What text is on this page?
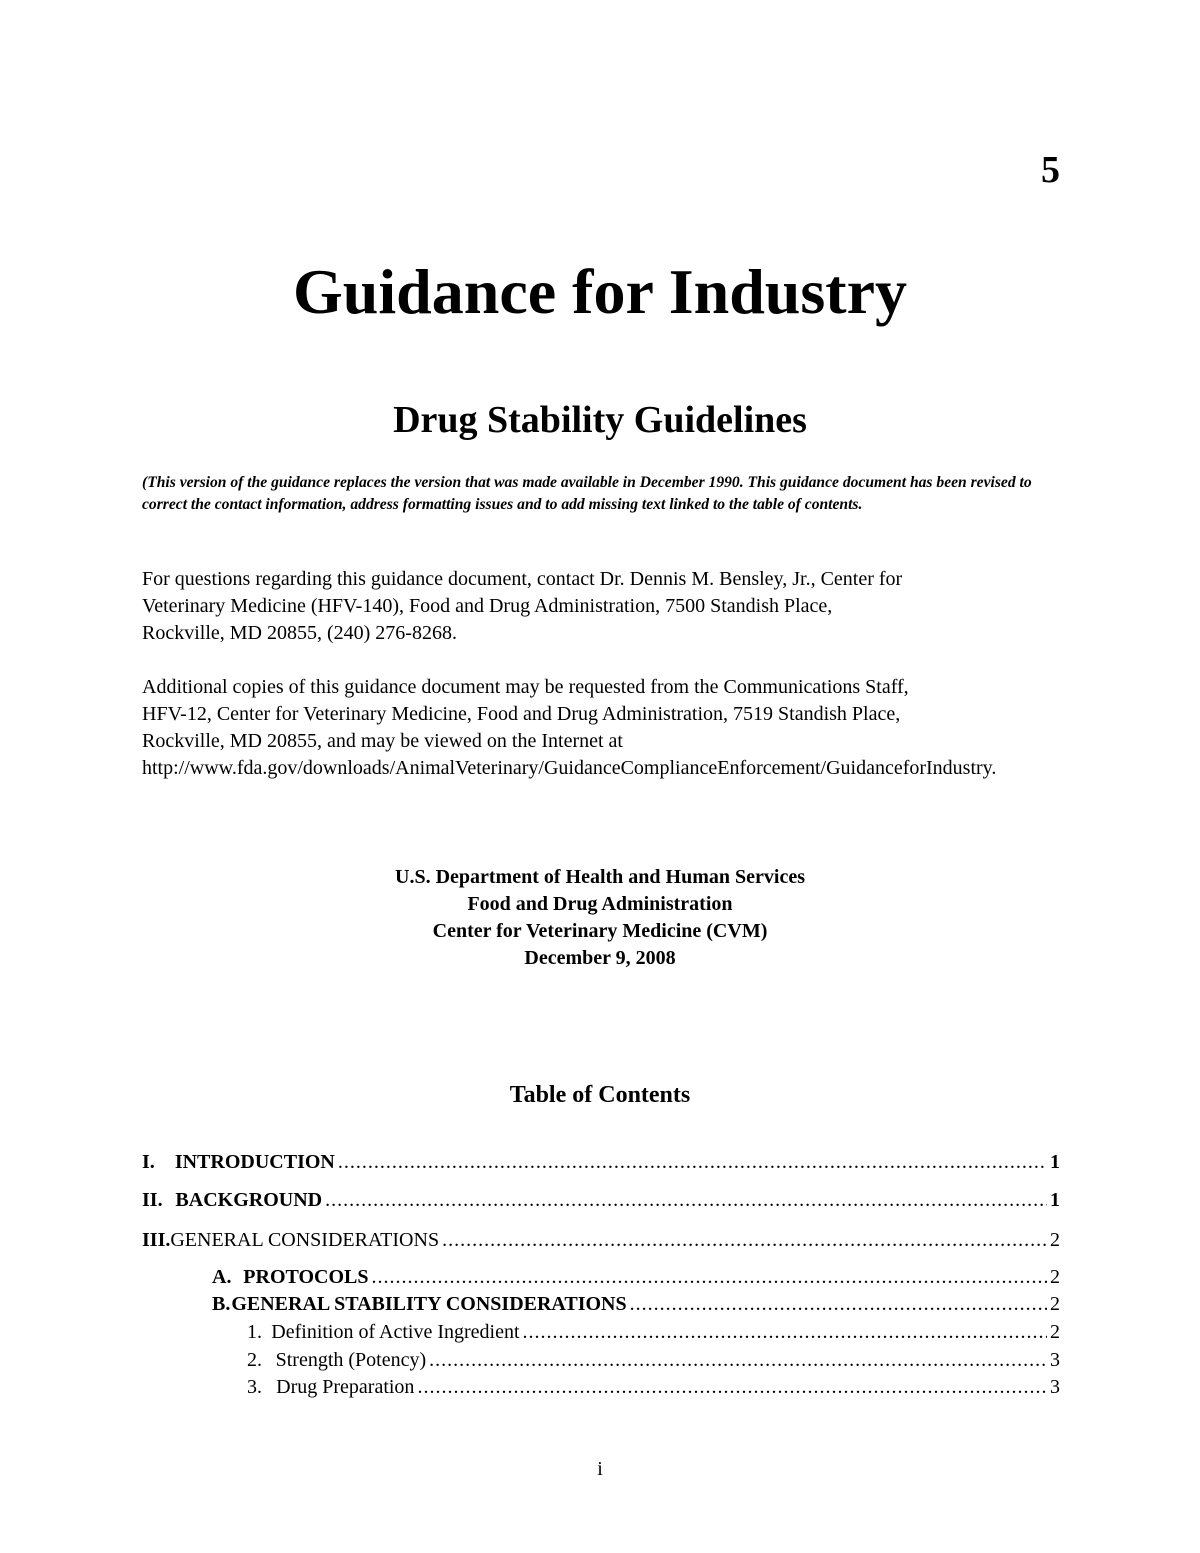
5
Guidance for Industry
Drug Stability Guidelines
(This version of the guidance replaces the version that was made available in December 1990. This guidance document has been revised to correct the contact information, address formatting issues and to add missing text linked to the table of contents.
For questions regarding this guidance document, contact Dr. Dennis M. Bensley, Jr., Center for
Veterinary Medicine (HFV-140), Food and Drug Administration, 7500 Standish Place,
Rockville, MD 20855, (240) 276-8268.
Additional copies of this guidance document may be requested from the Communications Staff,
HFV-12, Center for Veterinary Medicine, Food and Drug Administration, 7519 Standish Place,
Rockville, MD 20855, and may be viewed on the Internet at
http://www.fda.gov/downloads/AnimalVeterinary/GuidanceComplianceEnforcement/GuidanceforIndustry.
U.S. Department of Health and Human Services
Food and Drug Administration
Center for Veterinary Medicine (CVM)
December 9, 2008
Table of Contents
I.	INTRODUCTION .....	1
II. BACKGROUND .....	1
III. GENERAL CONSIDERATIONS .....	2
A. PROTOCOLS .....	2
B. GENERAL STABILITY CONSIDERATIONS .....	2
1. Definition of Active Ingredient .....	2
2. Strength (Potency) .....	3
3. Drug Preparation .....	3
i
